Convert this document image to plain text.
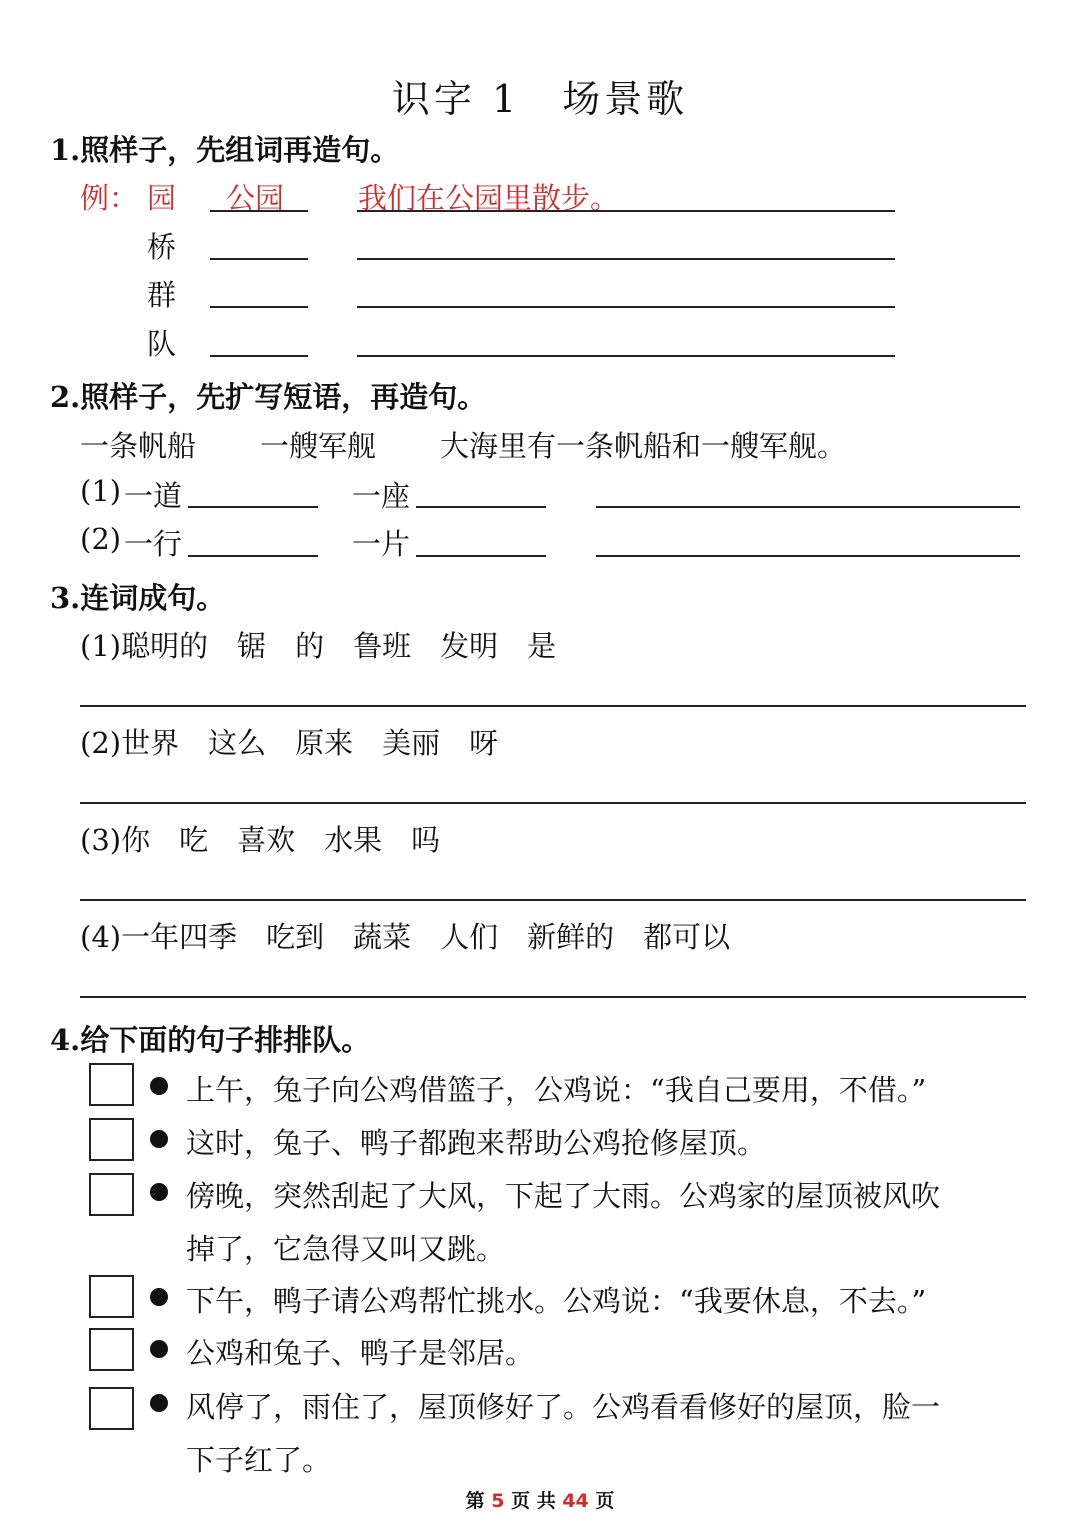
识字 1　场景歌
1.照样子，先组词再造句。
例： 园 公园	我们在公园里散步。
桥
群
队
2.照样子，先扩写短语，再造句。
一条帆船 一艘军舰 大海里有一条帆船和一艘军舰。
(1) 一道	一座
(2) 一行	一片
3.连词成句。
(1)聪明的　锯　的　鲁班　发明　是
(2)世界　这么　原来　美丽　呀
(3)你　吃　喜欢　水果　吗
(4)一年四季　吃到　蔬菜　人们　新鲜的　都可以
4.给下面的句子排排队。
上午，兔子向公鸡借篮子，公鸡说：“我自己要用，不借。”
这时，兔子、鸭子都跑来帮助公鸡抢修屋顶。
傍晚，突然刮起了大风，下起了大雨。公鸡家的屋顶被风吹
掉了，它急得又叫又跳。
下午，鸭子请公鸡帮忙挑水。公鸡说：“我要休息，不去。”
公鸡和兔子、鸭子是邻居。
风停了，雨住了，屋顶修好了。公鸡看看修好的屋顶，脸一
下子红了。
第 5 页 共 44 页
